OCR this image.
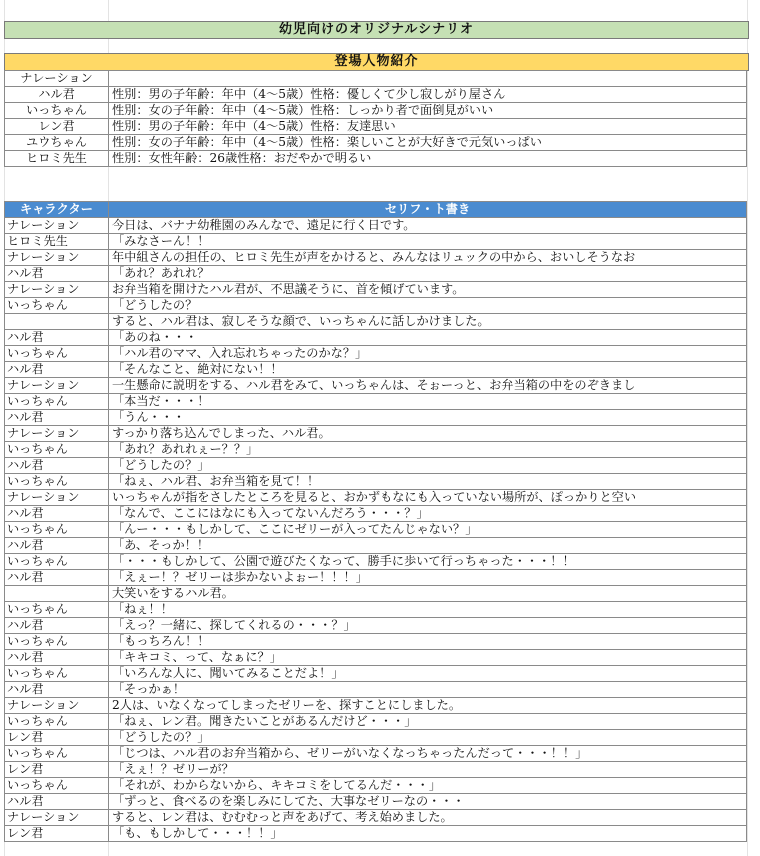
幼児向けのオリジナルシナリオ
登場人物紹介
ナレーション	
ハル君	性別：男の子年齢：年中（4～5歳）性格：優しくて少し寂しがり屋さん
いっちゃん	性別：女の子年齢：年中（4～5歳）性格：しっかり者で面倒見がいい
レン君	性別：男の子年齢：年中（4～5歳）性格：友達思い
ユウちゃん	性別：女の子年齢：年中（4～5歳）性格：楽しいことが大好きで元気いっぱい
ヒロミ先生	性別：女性年齢：26歳性格：おだやかで明るい
キャラクター	セリフ・ト書き
ナレーション	今日は、バナナ幼稚園のみんなで、遠足に行く日です。
ヒロミ先生	「みなさーん！！
ナレーション	年中組さんの担任の、ヒロミ先生が声をかけると、みんなはリュックの中から、おいしそうなお
ハル君	「あれ？あれれ？
ナレーション	お弁当箱を開けたハル君が、不思議そうに、首を傾げています。
いっちゃん	「どうしたの？
	すると、ハル君は、寂しそうな顔で、いっちゃんに話しかけました。
ハル君	「あのね・・・
いっちゃん	「ハル君のママ、入れ忘れちゃったのかな？」
ハル君	「そんなこと、絶対にない！！
ナレーション	一生懸命に説明をする、ハル君をみて、いっちゃんは、そぉーっと、お弁当箱の中をのぞきまし
いっちゃん	「本当だ・・・！
ハル君	「うん・・・
ナレーション	すっかり落ち込んでしまった、ハル君。
いっちゃん	「あれ？あれれぇー？？」
ハル君	「どうしたの？」
いっちゃん	「ねぇ、ハル君、お弁当箱を見て！！
ナレーション	いっちゃんが指をさしたところを見ると、おかずもなにも入っていない場所が、ぽっかりと空い
ハル君	「なんで、ここにはなにも入ってないんだろう・・・？」
いっちゃん	「んー・・・もしかして、ここにゼリーが入ってたんじゃない？」
ハル君	「あ、そっか！！
いっちゃん	「・・・もしかして、公園で遊びたくなって、勝手に歩いて行っちゃった・・・！！
ハル君	「えぇー！？ゼリーは歩かないよぉー！！！」
	大笑いをするハル君。
いっちゃん	「ねぇ！！
ハル君	「えっ？一緒に、探してくれるの・・・？」
いっちゃん	「もっちろん！！
ハル君	「キキコミ、って、なぁに？」
いっちゃん	「いろんな人に、聞いてみることだよ！」
ハル君	「そっかぁ！
ナレーション	2人は、いなくなってしまったゼリーを、探すことにしました。
いっちゃん	「ねぇ、レン君。聞きたいことがあるんだけど・・・」
レン君	「どうしたの？」
いっちゃん	「じつは、ハル君のお弁当箱から、ゼリーがいなくなっちゃったんだって・・・！！」
レン君	「えぇ！？ゼリーが？
いっちゃん	「それが、わからないから、キキコミをしてるんだ・・・」
ハル君	「ずっと、食べるのを楽しみにしてた、大事なゼリーなの・・・
ナレーション	すると、レン君は、むむむっと声をあげて、考え始めました。
レン君	「も、もしかして・・・！！」
